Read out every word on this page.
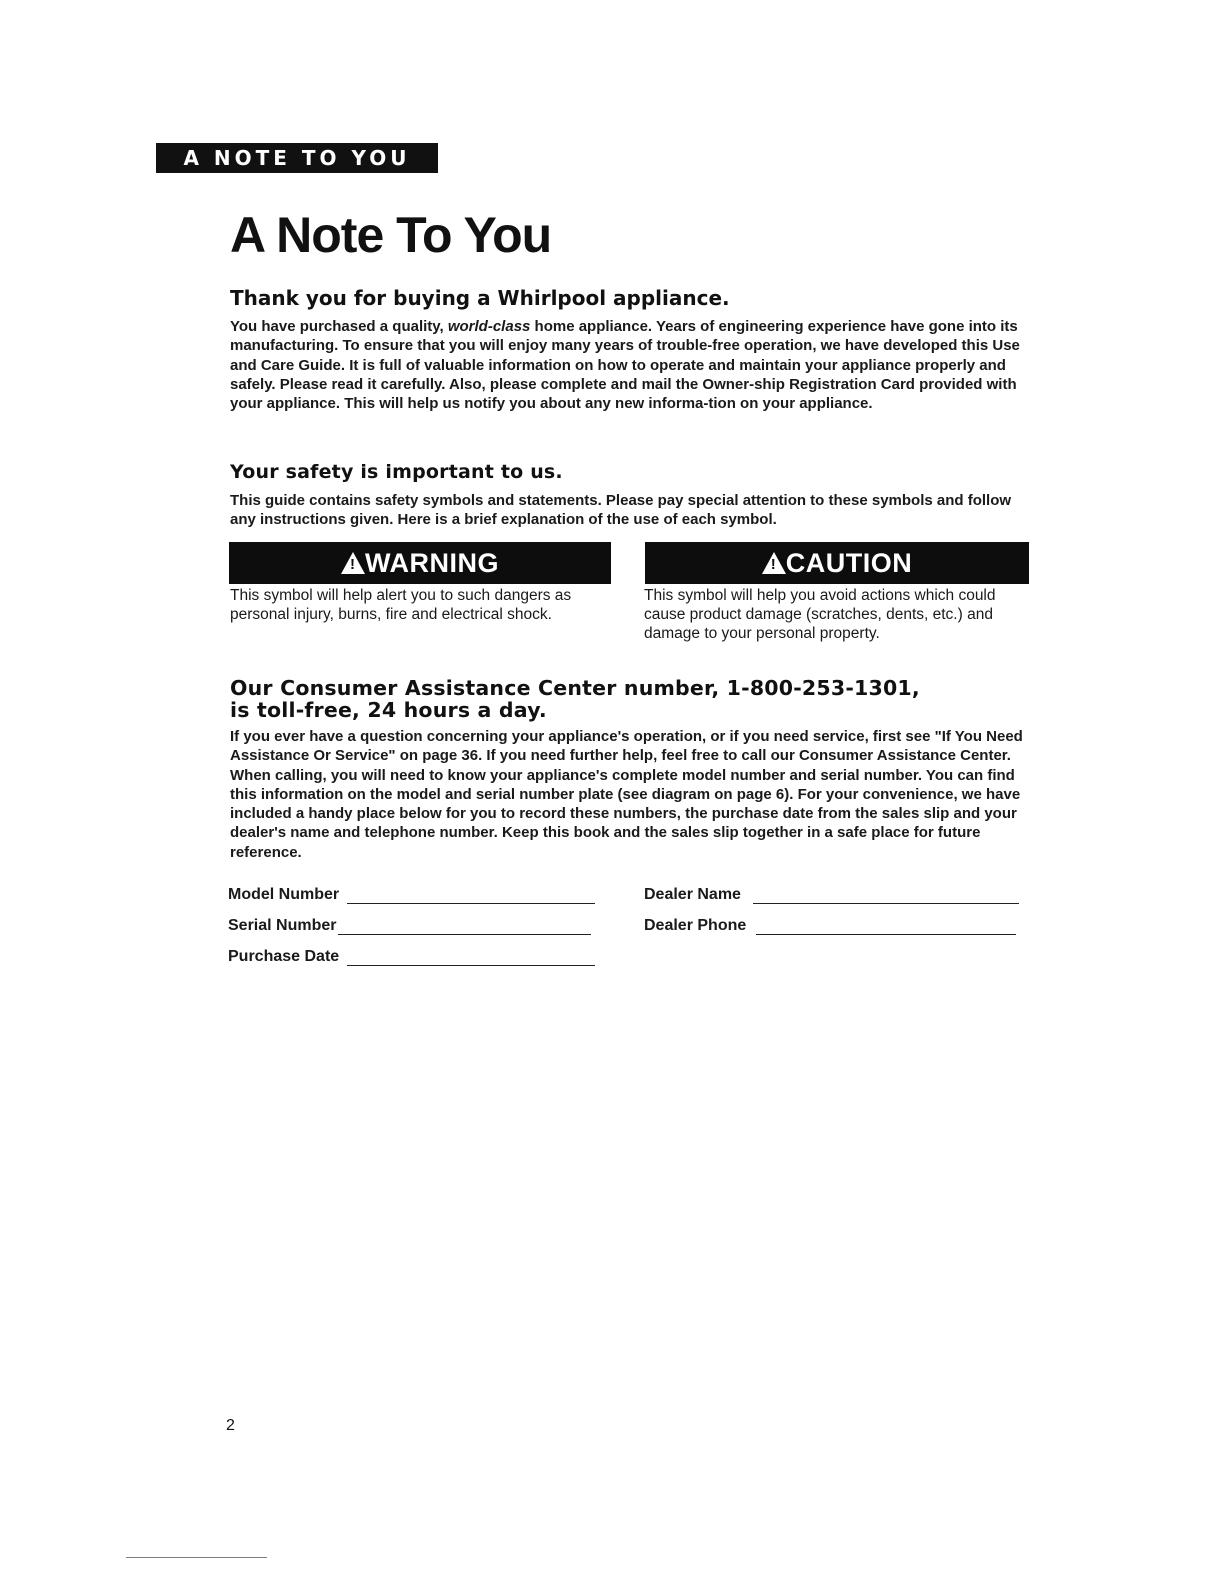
A NOTE TO YOU
A Note To You
Thank you for buying a Whirlpool appliance.

You have purchased a quality, world-class home appliance. Years of engineering experience have gone into its manufacturing. To ensure that you will enjoy many years of trouble-free operation, we have developed this Use and Care Guide. It is full of valuable information on how to operate and maintain your appliance properly and safely. Please read it carefully. Also, please complete and mail the Owner-ship Registration Card provided with your appliance. This will help us notify you about any new informa-tion on your appliance.

Your safety is important to us.

This guide contains safety symbols and statements. Please pay special attention to these symbols and follow any instructions given. Here is a brief explanation of the use of each symbol.

!
WARNING

This symbol will help alert you to such dangers as personal injury, burns, fire and electrical shock.

!
CAUTION

This symbol will help you avoid actions which could cause product damage (scratches, dents, etc.) and damage to your personal property.

Our Consumer Assistance Center number, 1-800-253-1301,
is toll-free, 24 hours a day.

If you ever have a question concerning your appliance's operation, or if you need service, first see "If You Need Assistance Or Service" on page 36. If you need further help, feel free to call our Consumer Assistance Center. When calling, you will need to know your appliance's complete model number and serial number. You can find this information on the model and serial number plate (see diagram on page 6). For your convenience, we have included a handy place below for you to record these numbers, the purchase date from the sales slip and your dealer's name and telephone number. Keep this book and the sales slip together in a safe place for future reference.

Model Number
Serial Number
Purchase Date
Dealer Name
Dealer Phone
2
